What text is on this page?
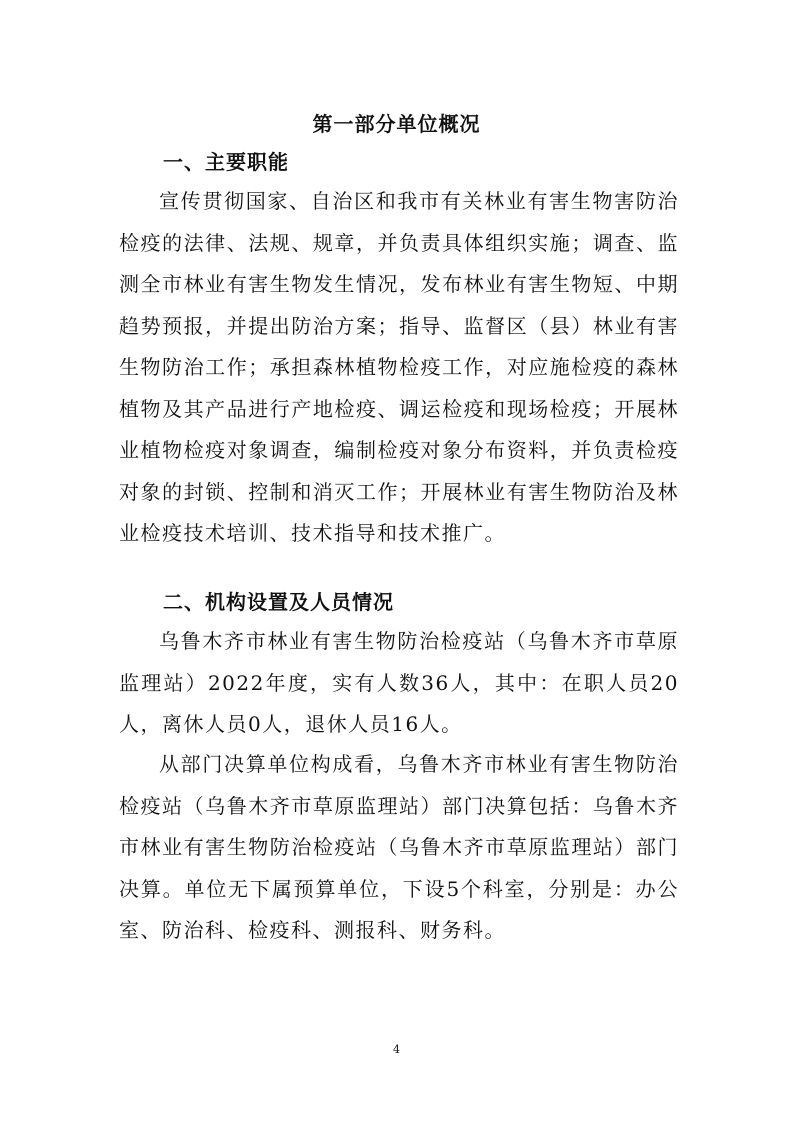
第一部分单位概况
一、主要职能

宣传贯彻国家、自治区和我市有关林业有害生物害防治检疫的法律、法规、规章，并负责具体组织实施；调查、监测全市林业有害生物发生情况，发布林业有害生物短、中期趋势预报，并提出防治方案；指导、监督区（县）林业有害生物防治工作；承担森林植物检疫工作，对应施检疫的森林植物及其产品进行产地检疫、调运检疫和现场检疫；开展林业植物检疫对象调查，编制检疫对象分布资料，并负责检疫对象的封锁、控制和消灭工作；开展林业有害生物防治及林业检疫技术培训、技术指导和技术推广。

二、机构设置及人员情况

乌鲁木齐市林业有害生物防治检疫站（乌鲁木齐市草原监理站）2022年度，实有人数36人，其中：在职人员20人，离休人员0人，退休人员16人。

从部门决算单位构成看，乌鲁木齐市林业有害生物防治检疫站（乌鲁木齐市草原监理站）部门决算包括：乌鲁木齐市林业有害生物防治检疫站（乌鲁木齐市草原监理站）部门决算。单位无下属预算单位，下设5个科室，分别是：办公室、防治科、检疫科、测报科、财务科。

4
